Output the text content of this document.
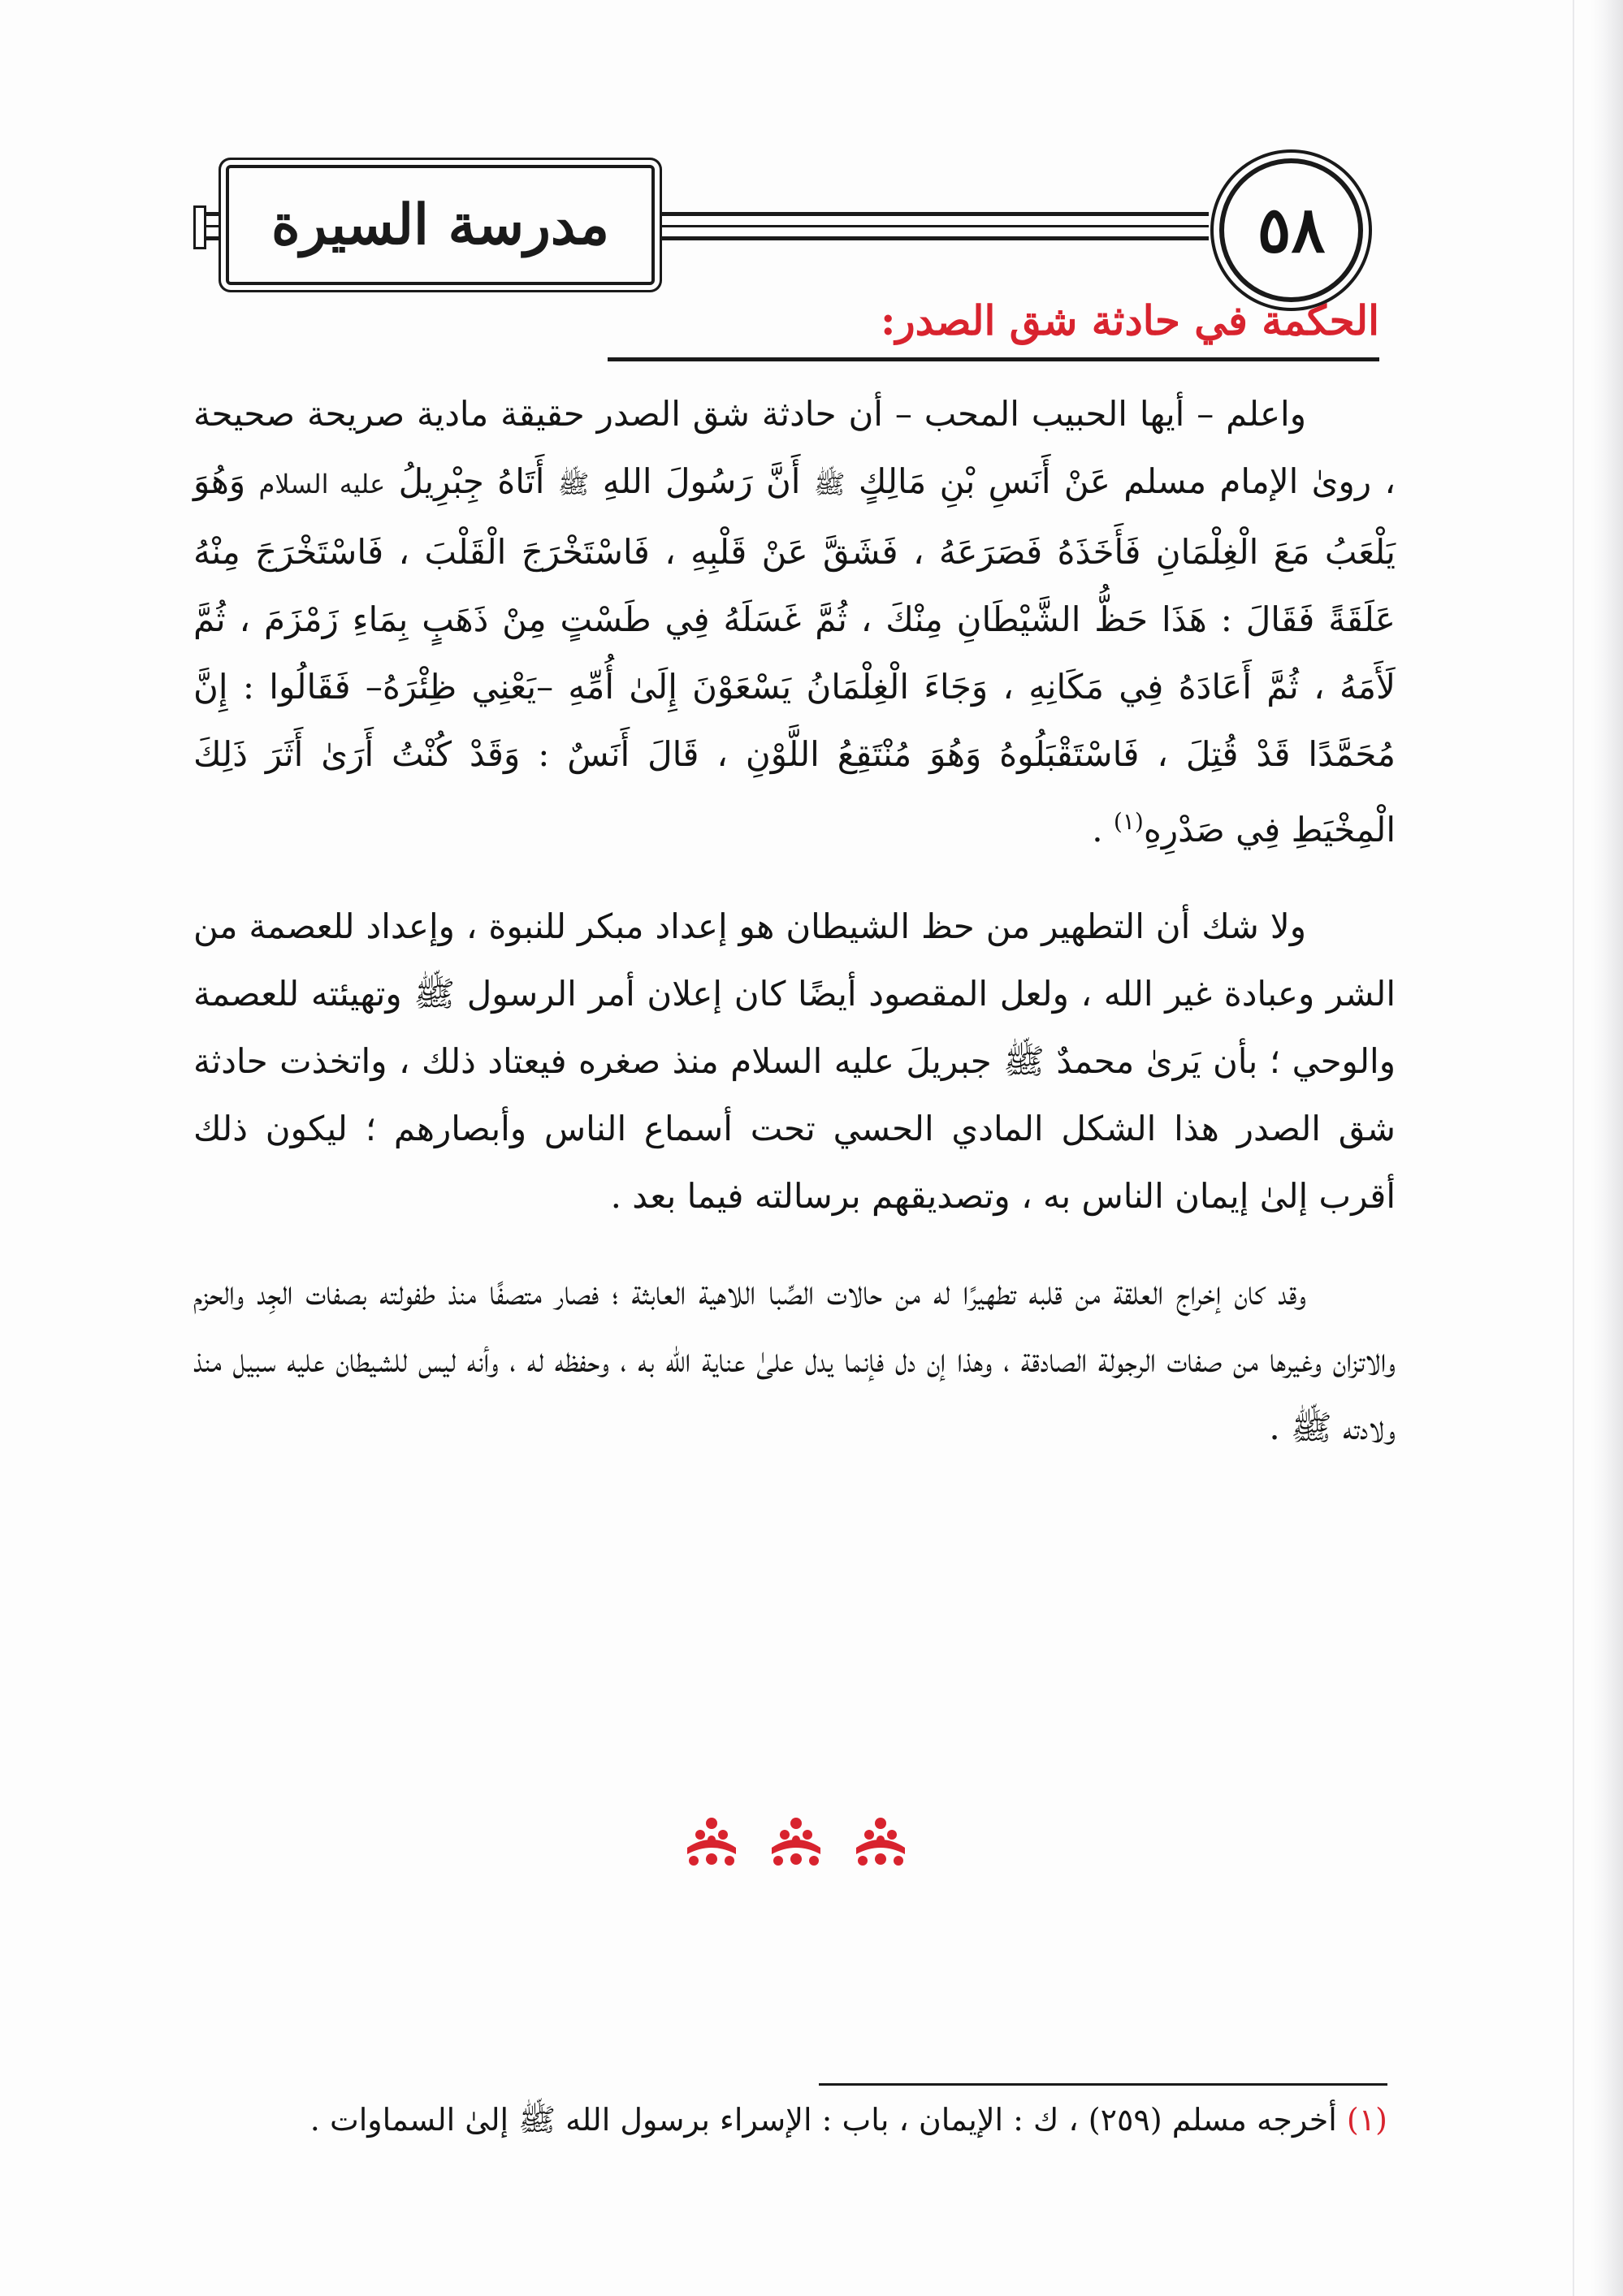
مدرسة السيرة	٥٨
الحكمة في حادثة شق الصدر:

واعلم – أيها الحبيب المحب – أن حادثة شق الصدر حقيقة مادية صريحة صحيحة ، روىٰ الإمام مسلم عَنْ أَنَسِ بْنِ مَالِكٍ ﷺ أَنَّ رَسُولَ اللهِ ﷺ أَتَاهُ جِبْرِيلُ عليه السلام وَهُوَ يَلْعَبُ مَعَ الْغِلْمَانِ فَأَخَذَهُ فَصَرَعَهُ ، فَشَقَّ عَنْ قَلْبِهِ ، فَاسْتَخْرَجَ الْقَلْبَ ، فَاسْتَخْرَجَ مِنْهُ عَلَقَةً فَقَالَ : هَذَا حَظُّ الشَّيْطَانِ مِنْكَ ، ثُمَّ غَسَلَهُ فِي طَسْتٍ مِنْ ذَهَبٍ بِمَاءِ زَمْزَمَ ، ثُمَّ لَأَمَهُ ، ثُمَّ أَعَادَهُ فِي مَكَانِهِ ، وَجَاءَ الْغِلْمَانُ يَسْعَوْنَ إِلَىٰ أُمِّهِ –يَعْنِي ظِئْرَهُ– فَقَالُوا : إِنَّ مُحَمَّدًا قَدْ قُتِلَ ، فَاسْتَقْبَلُوهُ وَهُوَ مُنْتَقِعُ اللَّوْنِ ، قَالَ أَنَسٌ : وَقَدْ كُنْتُ أَرَىٰ أَثَرَ ذَلِكَ الْمِخْيَطِ فِي صَدْرِهِ$^{(١)}$ .

ولا شك أن التطهير من حظ الشيطان هو إعداد مبكر للنبوة ، وإعداد للعصمة من الشر وعبادة غير الله ، ولعل المقصود أيضًا كان إعلان أمر الرسول ﷺ وتهيئته للعصمة والوحي ؛ بأن يَرىٰ محمدٌ ﷺ جبريلَ عليه السلام منذ صغره فيعتاد ذلك ، واتخذت حادثة شق الصدر هذا الشكل المادي الحسي تحت أسماع الناس وأبصارهم ؛ ليكون ذلك أقرب إلىٰ إيمان الناس به ، وتصديقهم برسالته فيما بعد .

وقد كان إخراج العلقة من قلبه تطهيرًا له من حالات الصِّبا اللاهية العابثة ؛ فصار متصفًا منذ طفولته بصفات الجِد والحزم والاتزان وغيرها من صفات الرجولة الصادقة ، وهذا إن دل فإنما يدل علىٰ عناية الله به ، وحفظه له ، وأنه ليس للشيطان عليه سبيل منذ ولادته ﷺ .

(١) أخرجه مسلم (٢٥٩) ، ك : الإيمان ، باب : الإسراء برسول الله ﷺ إلىٰ السماوات .
